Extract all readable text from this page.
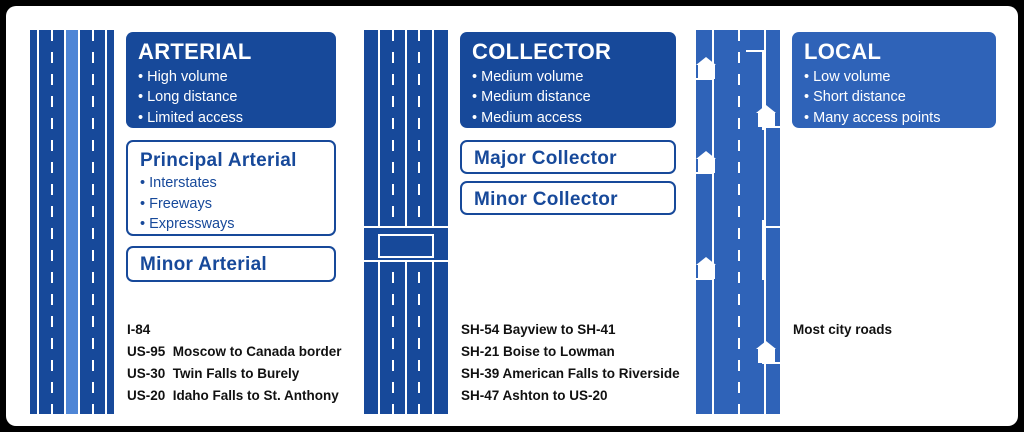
ARTERIAL
• High volume
• Long distance
• Limited access
Principal Arterial
• Interstates
• Freeways
• Expressways
Minor Arterial
I-84
US-95  Moscow to Canada border
US-30  Twin Falls to Burely
US-20  Idaho Falls to St. Anthony
COLLECTOR
• Medium volume
• Medium distance
• Medium access
Major Collector
Minor Collector
SH-54 Bayview to SH-41
SH-21 Boise to Lowman
SH-39 American Falls to Riverside
SH-47 Ashton to US-20
LOCAL
• Low volume
• Short distance
• Many access points
Most city roads
